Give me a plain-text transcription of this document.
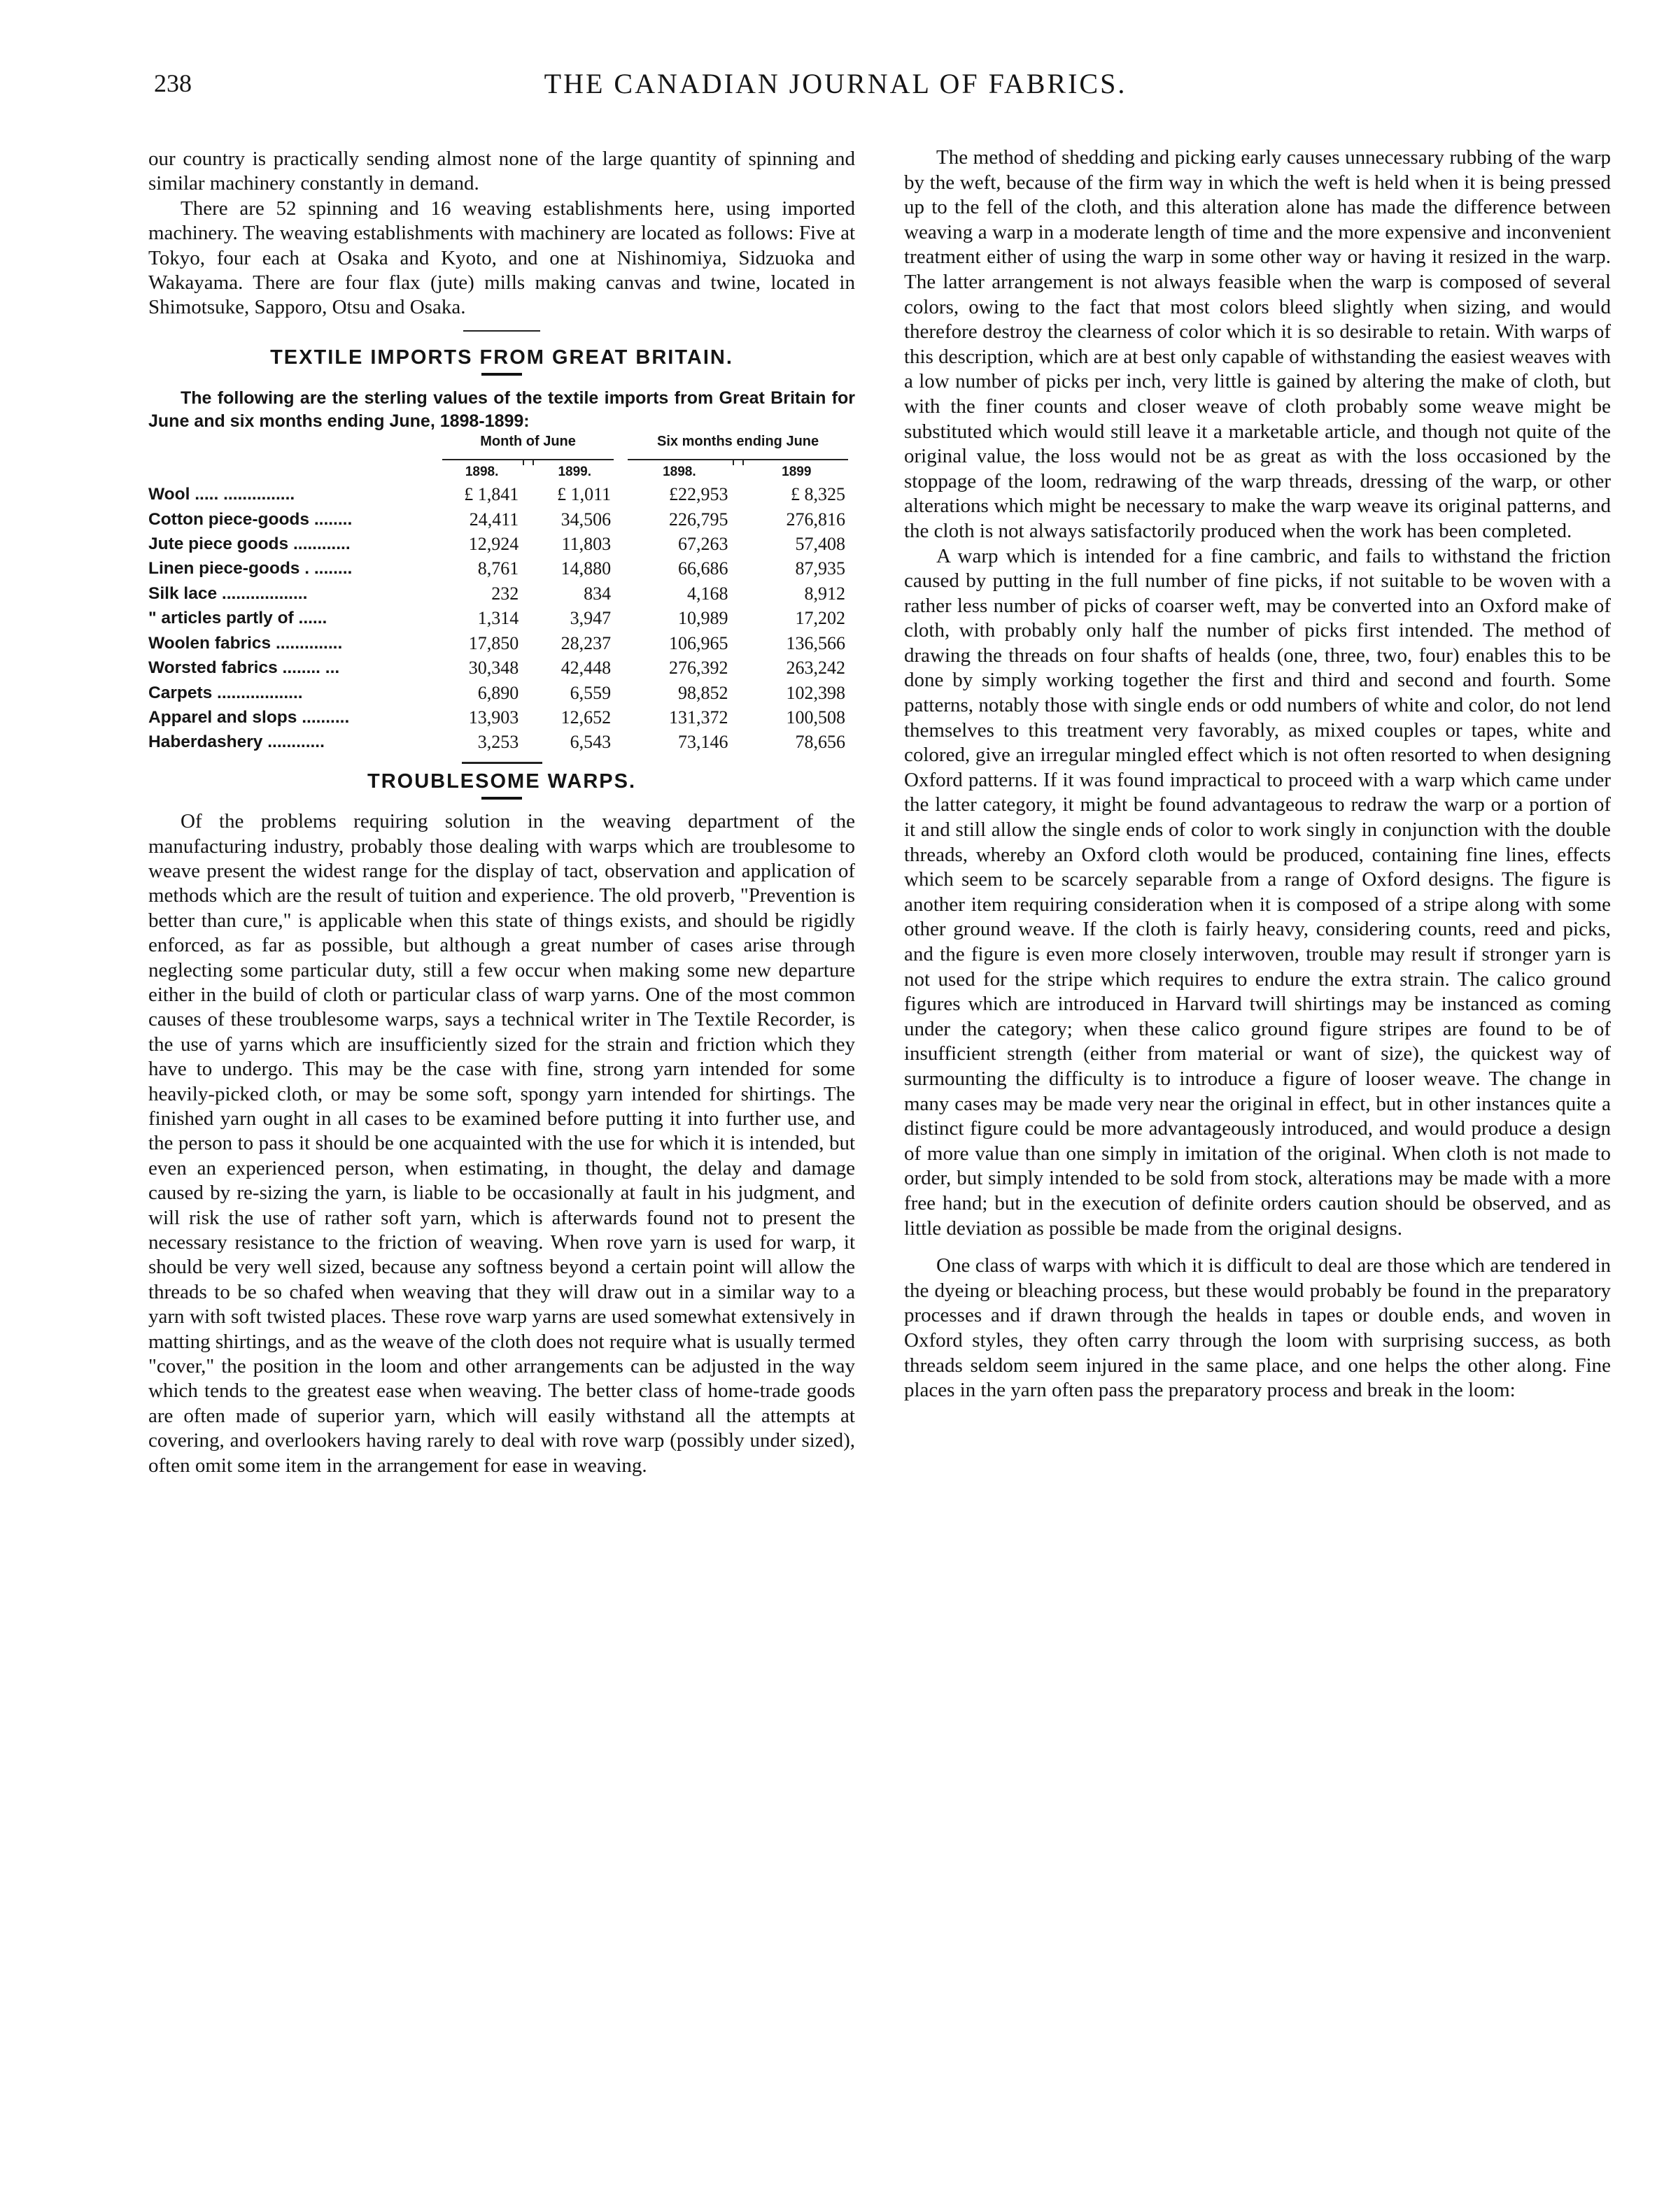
238	THE CANADIAN JOURNAL OF FABRICS.

our country is practically sending almost none of the large quantity of spinning and similar machinery constantly in demand.

There are 52 spinning and 16 weaving establishments here, using imported machinery. The weaving establishments with machinery are located as follows: Five at Tokyo, four each at Osaka and Kyoto, and one at Nishinomiya, Sidzuoka and Wakayama. There are four flax (jute) mills making canvas and twine, located in Shimotsuke, Sapporo, Otsu and Osaka.

TEXTILE IMPORTS FROM GREAT BRITAIN.

The following are the sterling values of the textile imports from Great Britain for June and six months ending June, 1898-1899:

	Month of June		Six months ending June	

	1898.	1899.	1898.	1899
Wool ..... ...............	£ 1,841	£ 1,011	£22,953	£ 8,325
Cotton piece-goods ........	24,411	34,506	226,795	276,816
Jute piece goods ............	12,924	11,803	67,263	57,408
Linen piece-goods . ........	8,761	14,880	66,686	87,935
Silk lace ..................	232	834	4,168	8,912
" articles partly of ......	1,314	3,947	10,989	17,202
Woolen fabrics ..............	17,850	28,237	106,965	136,566
Worsted fabrics ........ ...	30,348	42,448	276,392	263,242
Carpets ..................	6,890	6,559	98,852	102,398
Apparel and slops ..........	13,903	12,652	131,372	100,508
Haberdashery ............	3,253	6,543	73,146	78,656
TROUBLESOME WARPS.

Of the problems requiring solution in the weaving department of the manufacturing industry, probably those dealing with warps which are troublesome to weave present the widest range for the display of tact, observation and application of methods which are the result of tuition and experience. The old proverb, "Prevention is better than cure," is applicable when this state of things exists, and should be rigidly enforced, as far as possible, but although a great number of cases arise through neglecting some particular duty, still a few occur when making some new departure either in the build of cloth or particular class of warp yarns. One of the most common causes of these troublesome warps, says a technical writer in The Textile Recorder, is the use of yarns which are insufficiently sized for the strain and friction which they have to undergo. This may be the case with fine, strong yarn intended for some heavily-picked cloth, or may be some soft, spongy yarn intended for shirtings. The finished yarn ought in all cases to be examined before putting it into further use, and the person to pass it should be one acquainted with the use for which it is intended, but even an experienced person, when estimating, in thought, the delay and damage caused by re-sizing the yarn, is liable to be occasionally at fault in his judgment, and will risk the use of rather soft yarn, which is afterwards found not to present the necessary resistance to the friction of weaving. When rove yarn is used for warp, it should be very well sized, because any softness beyond a certain point will allow the threads to be so chafed when weaving that they will draw out in a similar way to a yarn with soft twisted places. These rove warp yarns are used somewhat extensively in matting shirtings, and as the weave of the cloth does not require what is usually termed "cover," the position in the loom and other arrangements can be adjusted in the way which tends to the greatest ease when weaving. The better class of home-trade goods are often made of superior yarn, which will easily withstand all the attempts at covering, and overlookers having rarely to deal with rove warp (possibly under sized), often omit some item in the arrangement for ease in weaving.

The method of shedding and picking early causes unnecessary rubbing of the warp by the weft, because of the firm way in which the weft is held when it is being pressed up to the fell of the cloth, and this alteration alone has made the difference between weaving a warp in a moderate length of time and the more expensive and inconvenient treatment either of using the warp in some other way or having it resized in the warp. The latter arrangement is not always feasible when the warp is composed of several colors, owing to the fact that most colors bleed slightly when sizing, and would therefore destroy the clearness of color which it is so desirable to retain. With warps of this description, which are at best only capable of withstanding the easiest weaves with a low number of picks per inch, very little is gained by altering the make of cloth, but with the finer counts and closer weave of cloth probably some weave might be substituted which would still leave it a marketable article, and though not quite of the original value, the loss would not be as great as with the loss occasioned by the stoppage of the loom, redrawing of the warp threads, dressing of the warp, or other alterations which might be necessary to make the warp weave its original patterns, and the cloth is not always satisfactorily produced when the work has been completed.

A warp which is intended for a fine cambric, and fails to withstand the friction caused by putting in the full number of fine picks, if not suitable to be woven with a rather less number of picks of coarser weft, may be converted into an Oxford make of cloth, with probably only half the number of picks first intended. The method of drawing the threads on four shafts of healds (one, three, two, four) enables this to be done by simply working together the first and third and second and fourth. Some patterns, notably those with single ends or odd numbers of white and color, do not lend themselves to this treatment very favorably, as mixed couples or tapes, white and colored, give an irregular mingled effect which is not often resorted to when designing Oxford patterns. If it was found impractical to proceed with a warp which came under the latter category, it might be found advantageous to redraw the warp or a portion of it and still allow the single ends of color to work singly in conjunction with the double threads, whereby an Oxford cloth would be produced, containing fine lines, effects which seem to be scarcely separable from a range of Oxford designs. The figure is another item requiring consideration when it is composed of a stripe along with some other ground weave. If the cloth is fairly heavy, considering counts, reed and picks, and the figure is even more closely interwoven, trouble may result if stronger yarn is not used for the stripe which requires to endure the extra strain. The calico ground figures which are introduced in Harvard twill shirtings may be instanced as coming under the category; when these calico ground figure stripes are found to be of insufficient strength (either from material or want of size), the quickest way of surmounting the difficulty is to introduce a figure of looser weave. The change in many cases may be made very near the original in effect, but in other instances quite a distinct figure could be more advantageously introduced, and would produce a design of more value than one simply in imitation of the original. When cloth is not made to order, but simply intended to be sold from stock, alterations may be made with a more free hand; but in the execution of definite orders caution should be observed, and as little deviation as possible be made from the original designs.

One class of warps with which it is difficult to deal are those which are tendered in the dyeing or bleaching process, but these would probably be found in the preparatory processes and if drawn through the healds in tapes or double ends, and woven in Oxford styles, they often carry through the loom with surprising success, as both threads seldom seem injured in the same place, and one helps the other along. Fine places in the yarn often pass the preparatory process and break in the loom:
